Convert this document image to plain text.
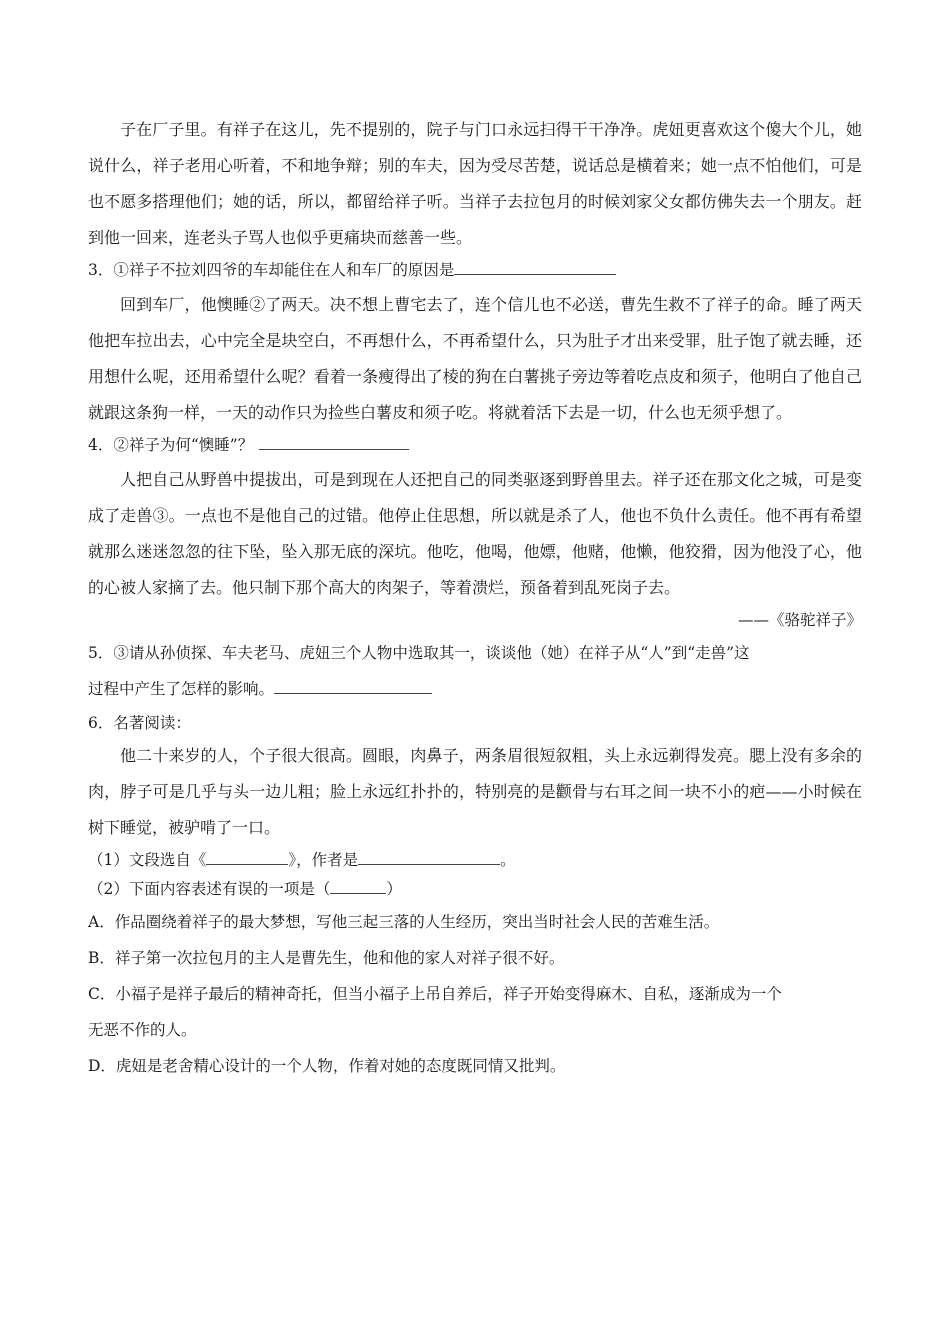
子在厂子里。有祥子在这儿，先不提别的，院子与门口永远扫得干干净净。虎妞更喜欢这个傻大个儿，她说什么，祥子老用心听着，不和地争辩；别的车夫，因为受尽苦楚，说话总是横着来；她一点不怕他们，可是也不愿多搭理他们；她的话，所以，都留给祥子听。当祥子去拉包月的时候刘家父女都仿佛失去一个朋友。赶到他一回来，连老头子骂人也似乎更痛块而慈善一些。

3．①祥子不拉刘四爷的车却能住在人和车厂的原因是

回到车厂，他懊睡②了两天。决不想上曹宅去了，连个信儿也不必送，曹先生救不了祥子的命。睡了两天他把车拉出去，心中完全是块空白，不再想什么，不再希望什么，只为肚子才出来受罪，肚子饱了就去睡，还用想什么呢，还用希望什么呢？看着一条瘦得出了棱的狗在白薯挑子旁边等着吃点皮和须子，他明白了他自己就跟这条狗一样，一天的动作只为捡些白薯皮和须子吃。将就着活下去是一切，什么也无须乎想了。

4．②祥子为何“懊睡”？

人把自己从野兽中提拔出，可是到现在人还把自己的同类驱逐到野兽里去。祥子还在那文化之城，可是变成了走兽③。一点也不是他自己的过错。他停止住思想，所以就是杀了人，他也不负什么责任。他不再有希望就那么迷迷忽忽的往下坠，坠入那无底的深坑。他吃，他喝，他嫖，他赌，他懒，他狡猾，因为他没了心，他的心被人家摘了去。他只制下那个高大的肉架子，等着溃烂，预备着到乱死岗子去。

——《骆驼祥子》

5．③请从孙侦探、车夫老马、虎妞三个人物中选取其一，谈谈他（她）在祥子从“人”到“走兽”这

过程中产生了怎样的影响。

6．名著阅读：

他二十来岁的人，个子很大很高。圆眼，肉鼻子，两条眉很短叙粗，头上永远剃得发亮。腮上没有多余的肉，脖子可是几乎与头一边儿粗；脸上永远红扑扑的，特别亮的是颧骨与右耳之间一块不小的疤——小时候在树下睡觉，被驴啃了一口。

（1）文段选自《	》，作者是	。

（2）下面内容表述有误的一项是（	）

A．作品圈绕着祥子的最大梦想，写他三起三落的人生经历，突出当时社会人民的苦难生活。

B．祥子第一次拉包月的主人是曹先生，他和他的家人对祥子很不好。

C．小福子是祥子最后的精神奇托，但当小福子上吊自养后，祥子开始变得麻木、自私，逐渐成为一个

无恶不作的人。

D．虎妞是老舍精心设计的一个人物，作着对她的态度既同情又批判。
